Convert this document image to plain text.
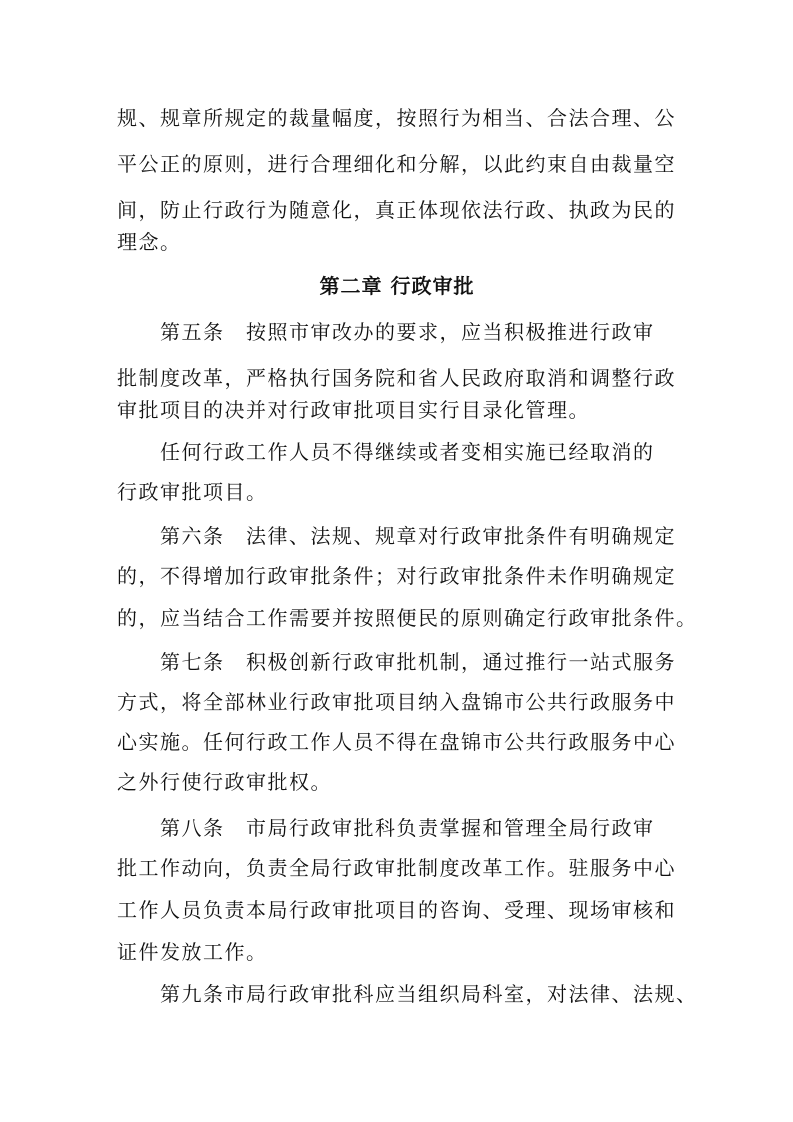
规、规章所规定的裁量幅度，按照行为相当、合法合理、公
平公正的原则，进行合理细化和分解，以此约束自由裁量空
间，防止行政行为随意化，真正体现依法行政、执政为民的
理念。
第二章 行政审批
第五条　按照市审改办的要求，应当积极推进行政审
批制度改革，严格执行国务院和省人民政府取消和调整行政
审批项目的决并对行政审批项目实行目录化管理。
任何行政工作人员不得继续或者变相实施已经取消的
行政审批项目。
第六条　法律、法规、规章对行政审批条件有明确规定
的，不得增加行政审批条件；对行政审批条件未作明确规定
的，应当结合工作需要并按照便民的原则确定行政审批条件。
第七条　积极创新行政审批机制，通过推行一站式服务
方式，将全部林业行政审批项目纳入盘锦市公共行政服务中
心实施。任何行政工作人员不得在盘锦市公共行政服务中心
之外行使行政审批权。
第八条　市局行政审批科负责掌握和管理全局行政审
批工作动向，负责全局行政审批制度改革工作。驻服务中心
工作人员负责本局行政审批项目的咨询、受理、现场审核和
证件发放工作。
第九条市局行政审批科应当组织局科室，对法律、法规、
